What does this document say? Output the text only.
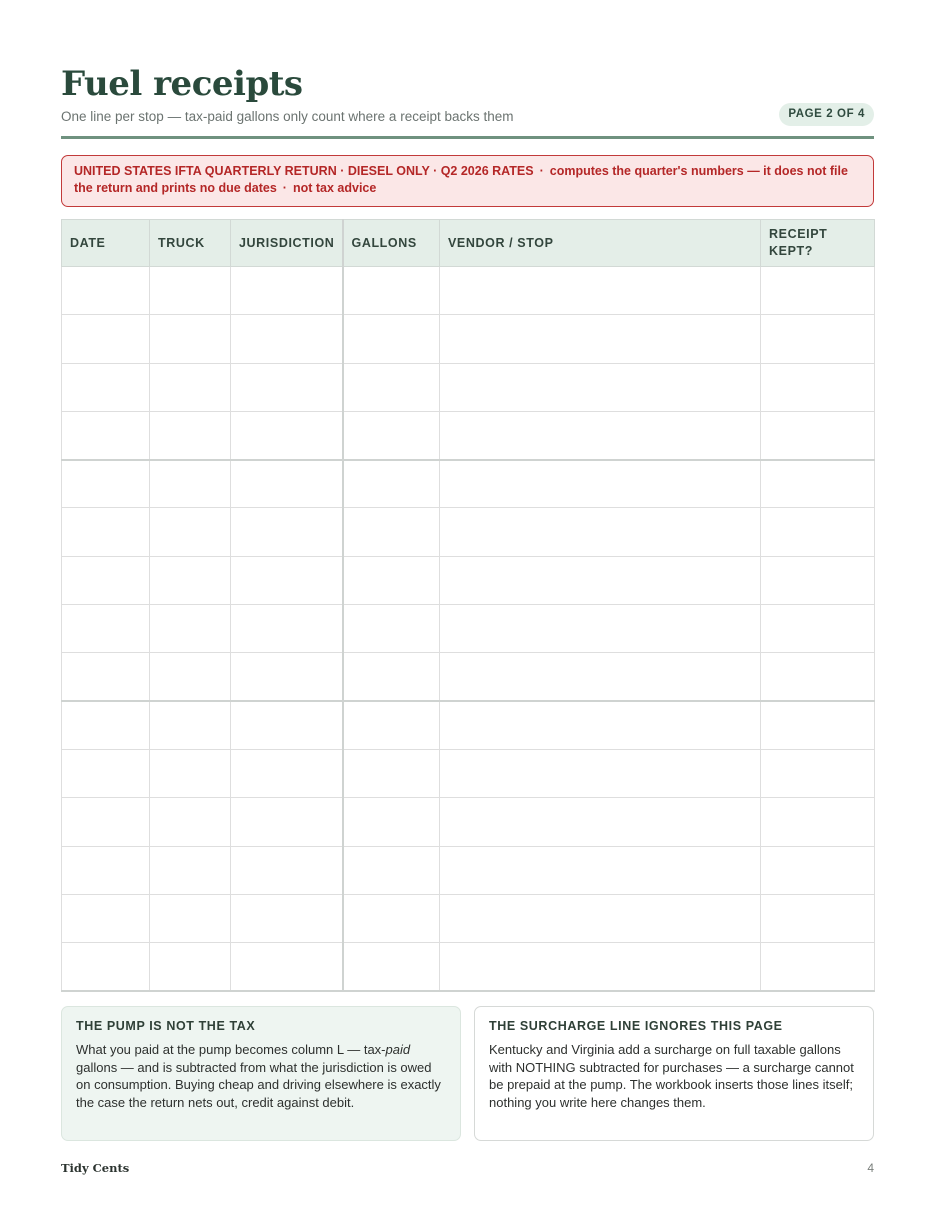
Fuel receipts
One line per stop — tax-paid gallons only count where a receipt backs them	PAGE 2 OF 4
UNITED STATES IFTA QUARTERLY RETURN · DIESEL ONLY · Q2 2026 RATES · computes the quarter's numbers — it does not file the return and prints no due dates · not tax advice
DATE	TRUCK	JURISDICTION	GALLONS	VENDOR / STOP	RECEIPT KEPT?

THE PUMP IS NOT THE TAX
What you paid at the pump becomes column L — tax-paid gallons — and is subtracted from what the jurisdiction is owed on consumption. Buying cheap and driving elsewhere is exactly the case the return nets out, credit against debit.
THE SURCHARGE LINE IGNORES THIS PAGE
Kentucky and Virginia add a surcharge on full taxable gallons with NOTHING subtracted for purchases — a surcharge cannot be prepaid at the pump. The workbook inserts those lines itself; nothing you write here changes them.
Tidy Cents	4
